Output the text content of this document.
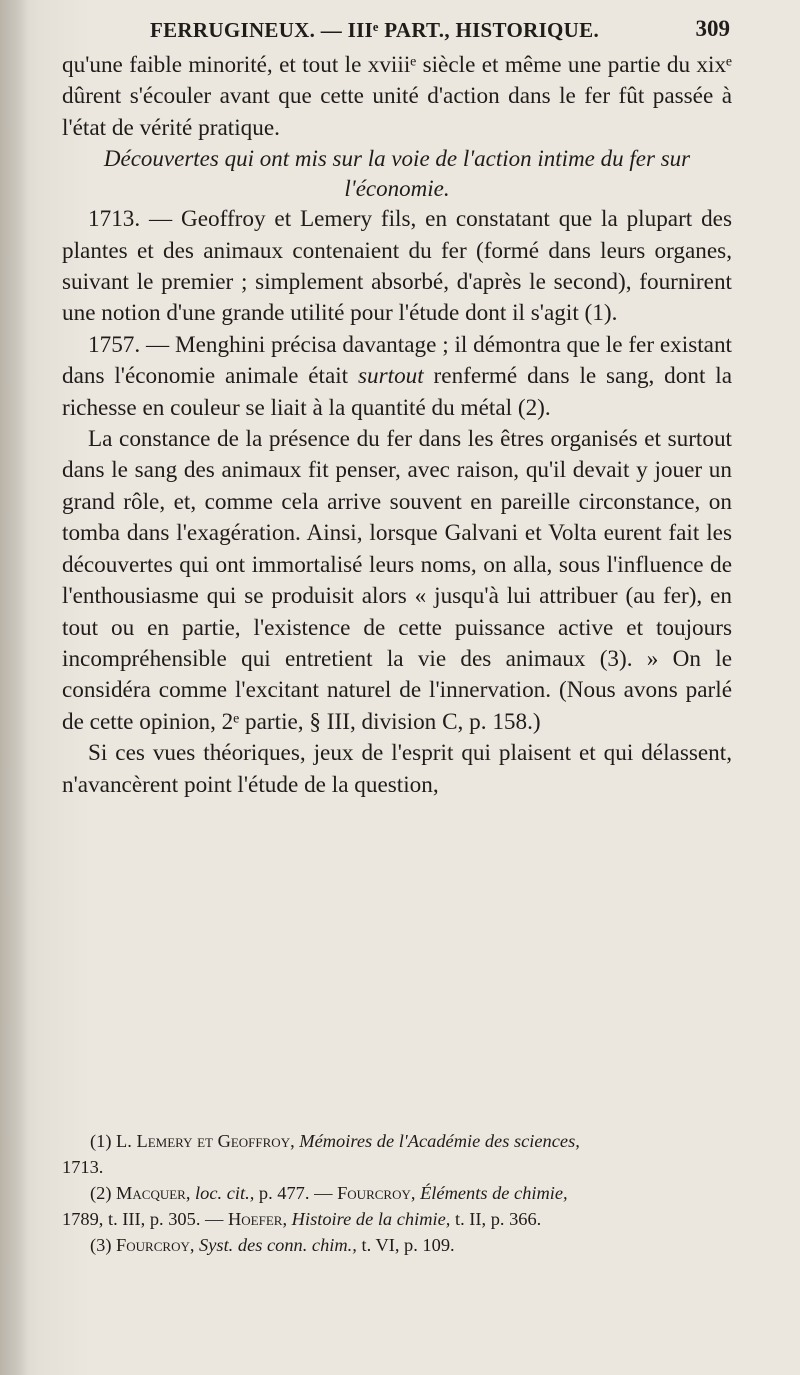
FERRUGINEUX. — IIIᵉ PART., HISTORIQUE.	309

qu'une faible minorité, et tout le xviiiᵉ siècle et même une partie du xixᵉ dûrent s'écouler avant que cette unité d'action dans le fer fût passée à l'état de vérité pratique.

Découvertes qui ont mis sur la voie de l'action intime du fer sur l'économie.

1713. — Geoffroy et Lemery fils, en constatant que la plupart des plantes et des animaux contenaient du fer (formé dans leurs organes, suivant le premier ; simplement absorbé, d'après le second), fournirent une notion d'une grande utilité pour l'étude dont il s'agit (1).

1757. — Menghini précisa davantage ; il démontra que le fer existant dans l'économie animale était surtout renfermé dans le sang, dont la richesse en couleur se liait à la quantité du métal (2).

La constance de la présence du fer dans les êtres organisés et surtout dans le sang des animaux fit penser, avec raison, qu'il devait y jouer un grand rôle, et, comme cela arrive souvent en pareille circonstance, on tomba dans l'exagération. Ainsi, lorsque Galvani et Volta eurent fait les découvertes qui ont immortalisé leurs noms, on alla, sous l'influence de l'enthousiasme qui se produisit alors « jusqu'à lui attribuer (au fer), en tout ou en partie, l'existence de cette puissance active et toujours incompréhensible qui entretient la vie des animaux (3). » On le considéra comme l'excitant naturel de l'innervation. (Nous avons parlé de cette opinion, 2ᵉ partie, § III, division C, p. 158.)

Si ces vues théoriques, jeux de l'esprit qui plaisent et qui délassent, n'avancèrent point l'étude de la question,

(1) L. Lemery et Geoffroy, Mémoires de l'Académie des sciences,

1713.

(2) Macquer, loc. cit., p. 477. — Fourcroy, Éléments de chimie,

1789, t. III, p. 305. — Hoefer, Histoire de la chimie, t. II, p. 366.

(3) Fourcroy, Syst. des conn. chim., t. VI, p. 109.
